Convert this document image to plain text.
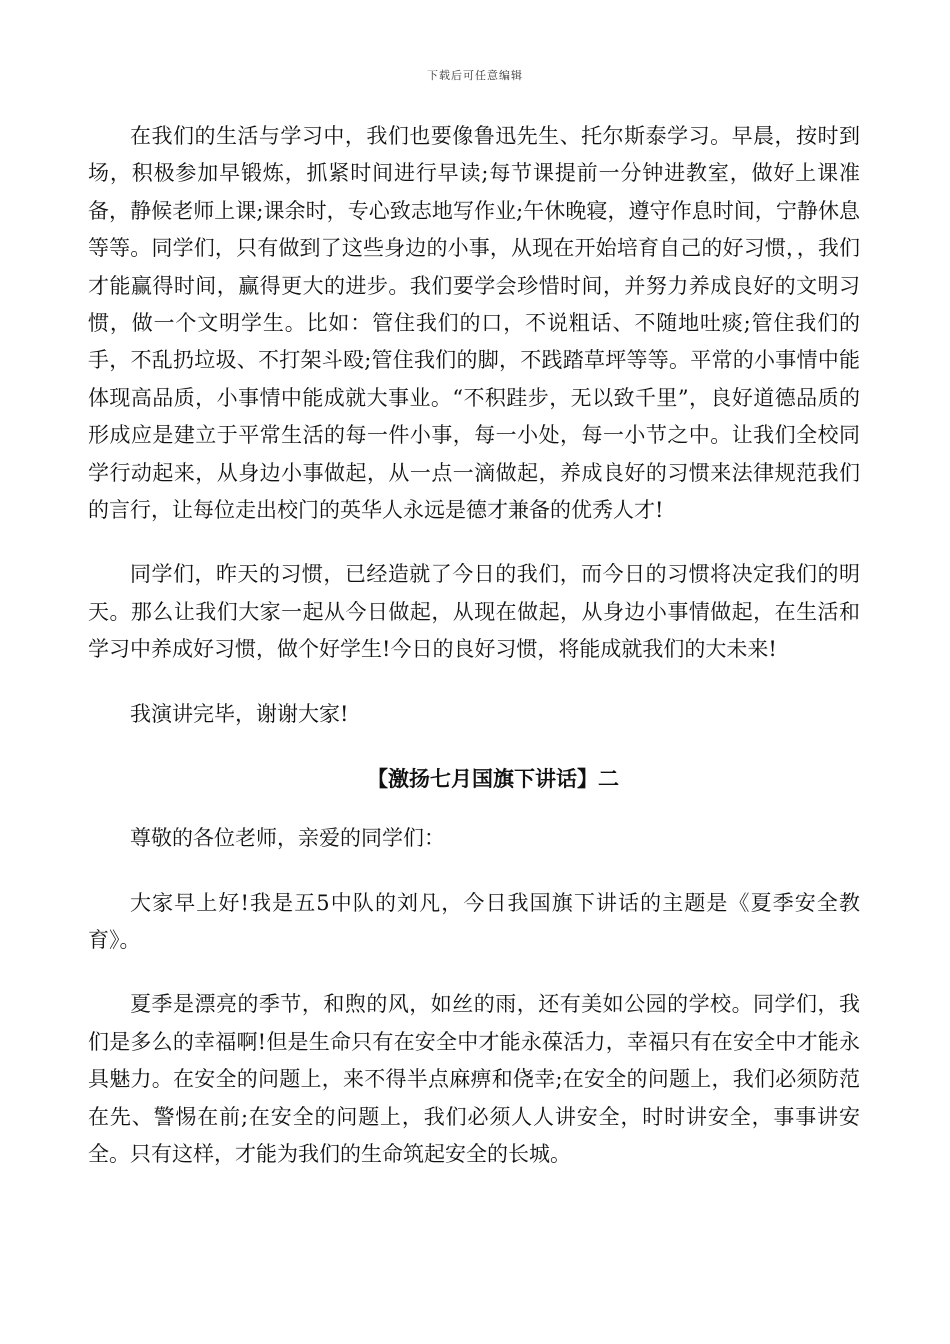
下载后可任意编辑

在我们的生活与学习中，我们也要像鲁迅先生、托尔斯泰学习。早晨，按时到场，积极参加早锻炼，抓紧时间进行早读;每节课提前一分钟进教室，做好上课准备，静候老师上课;课余时，专心致志地写作业;午休晚寝，遵守作息时间，宁静休息等等。同学们，只有做到了这些身边的小事，从现在开始培育自己的好习惯，，我们才能赢得时间，赢得更大的进步。我们要学会珍惜时间，并努力养成良好的文明习惯，做一个文明学生。比如：管住我们的口，不说粗话、不随地吐痰;管住我们的手，不乱扔垃圾、不打架斗殴;管住我们的脚，不践踏草坪等等。平常的小事情中能体现高品质，小事情中能成就大事业。“不积跬步，无以致千里”，良好道德品质的形成应是建立于平常生活的每一件小事，每一小处，每一小节之中。让我们全校同学行动起来，从身边小事做起，从一点一滴做起，养成良好的习惯来法律规范我们的言行，让每位走出校门的英华人永远是德才兼备的优秀人才!

同学们，昨天的习惯，已经造就了今日的我们，而今日的习惯将决定我们的明天。那么让我们大家一起从今日做起，从现在做起，从身边小事情做起，在生活和学习中养成好习惯，做个好学生!今日的良好习惯，将能成就我们的大未来!

我演讲完毕，谢谢大家!

【激扬七月国旗下讲话】二

尊敬的各位老师，亲爱的同学们：

大家早上好!我是五5中队的刘凡，今日我国旗下讲话的主题是《夏季安全教育》。

夏季是漂亮的季节，和煦的风，如丝的雨，还有美如公园的学校。同学们，我们是多么的幸福啊!但是生命只有在安全中才能永葆活力，幸福只有在安全中才能永具魅力。在安全的问题上，来不得半点麻痹和侥幸;在安全的问题上，我们必须防范在先、警惕在前;在安全的问题上，我们必须人人讲安全，时时讲安全，事事讲安全。只有这样，才能为我们的生命筑起安全的长城。
